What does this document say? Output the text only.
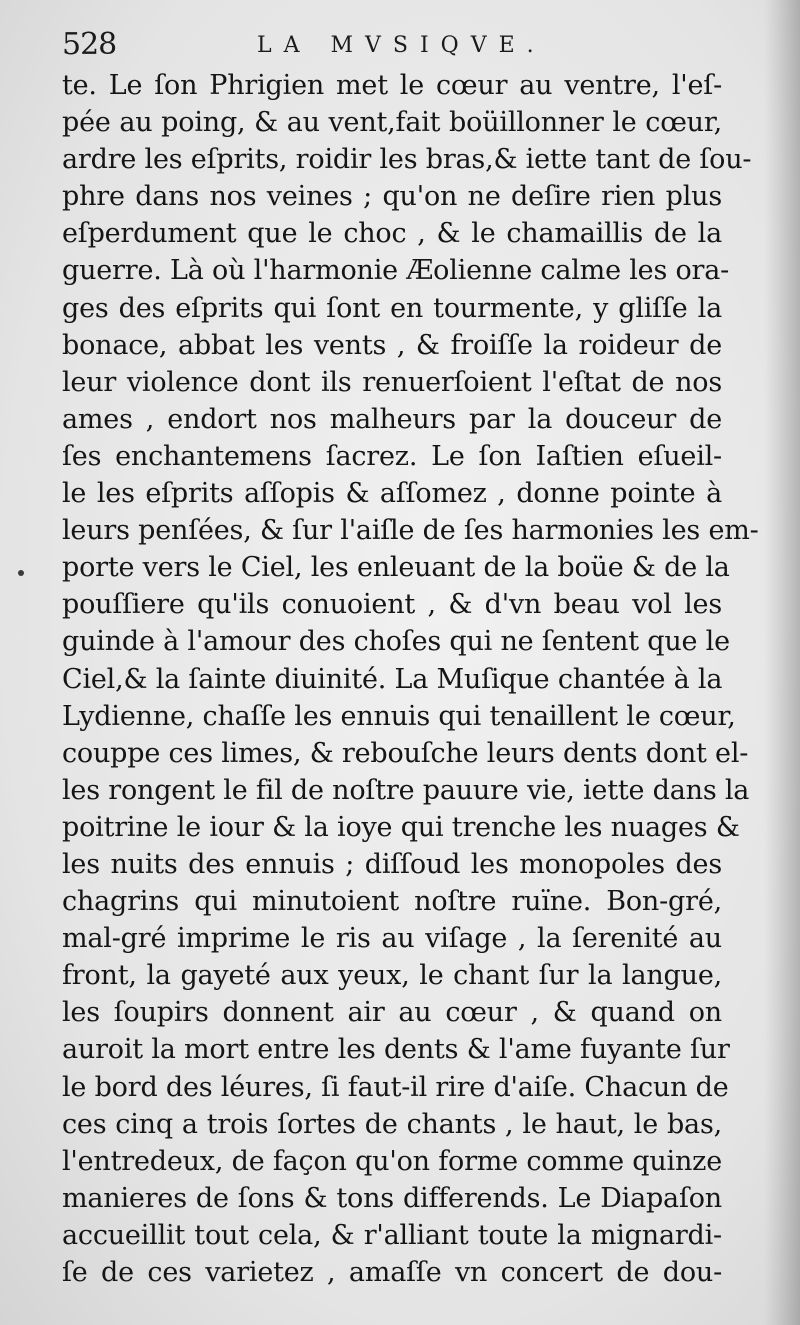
528	LA MVSIQVE.
te. Le ſon Phrigien met le cœur au ventre, l'eſ-
pée au poing, & au vent,fait boüillonner le cœur,
ardre les eſprits, roidir les bras,& iette tant de ſou-
phre dans nos veines ; qu'on ne deſire rien plus
eſperdument que le choc , & le chamaillis de la
guerre. Là où l'harmonie Æolienne calme les ora-
ges des eſprits qui ſont en tourmente, y gliſſe la
bonace, abbat les vents , & froiſſe la roideur de
leur violence dont ils renuerſoient l'eſtat de nos
ames , endort nos malheurs par la douceur de
ſes enchantemens ſacrez. Le ſon Iaſtien eſueil-
le les eſprits aſſopis & aſſomez , donne pointe à
leurs penſées, & ſur l'aiſle de ſes harmonies les em-
porte vers le Ciel, les enleuant de la boüe & de la
pouſſiere qu'ils conuoient , & d'vn beau vol les
guinde à l'amour des choſes qui ne ſentent que le
Ciel,& la ſainte diuinité. La Muſique chantée à la
Lydienne, chaſſe les ennuis qui tenaillent le cœur,
couppe ces limes, & rebouſche leurs dents dont el-
les rongent le fil de noſtre pauure vie, iette dans la
poitrine le iour & la ioye qui trenche les nuages &
les nuits des ennuis ; diſſoud les monopoles des
chagrins qui minutoient noſtre ruïne. Bon-gré,
mal-gré imprime le ris au viſage , la ſerenité au
front, la gayeté aux yeux, le chant ſur la langue,
les ſoupirs donnent air au cœur , & quand on
auroit la mort entre les dents & l'ame fuyante ſur
le bord des léures, ſi faut-il rire d'aiſe. Chacun de
ces cinq a trois ſortes de chants , le haut, le bas,
l'entredeux, de façon qu'on forme comme quinze
manieres de ſons & tons differends. Le Diapaſon
accueillit tout cela, & r'alliant toute la mignardi-
ſe de ces varietez , amaſſe vn concert de dou-
